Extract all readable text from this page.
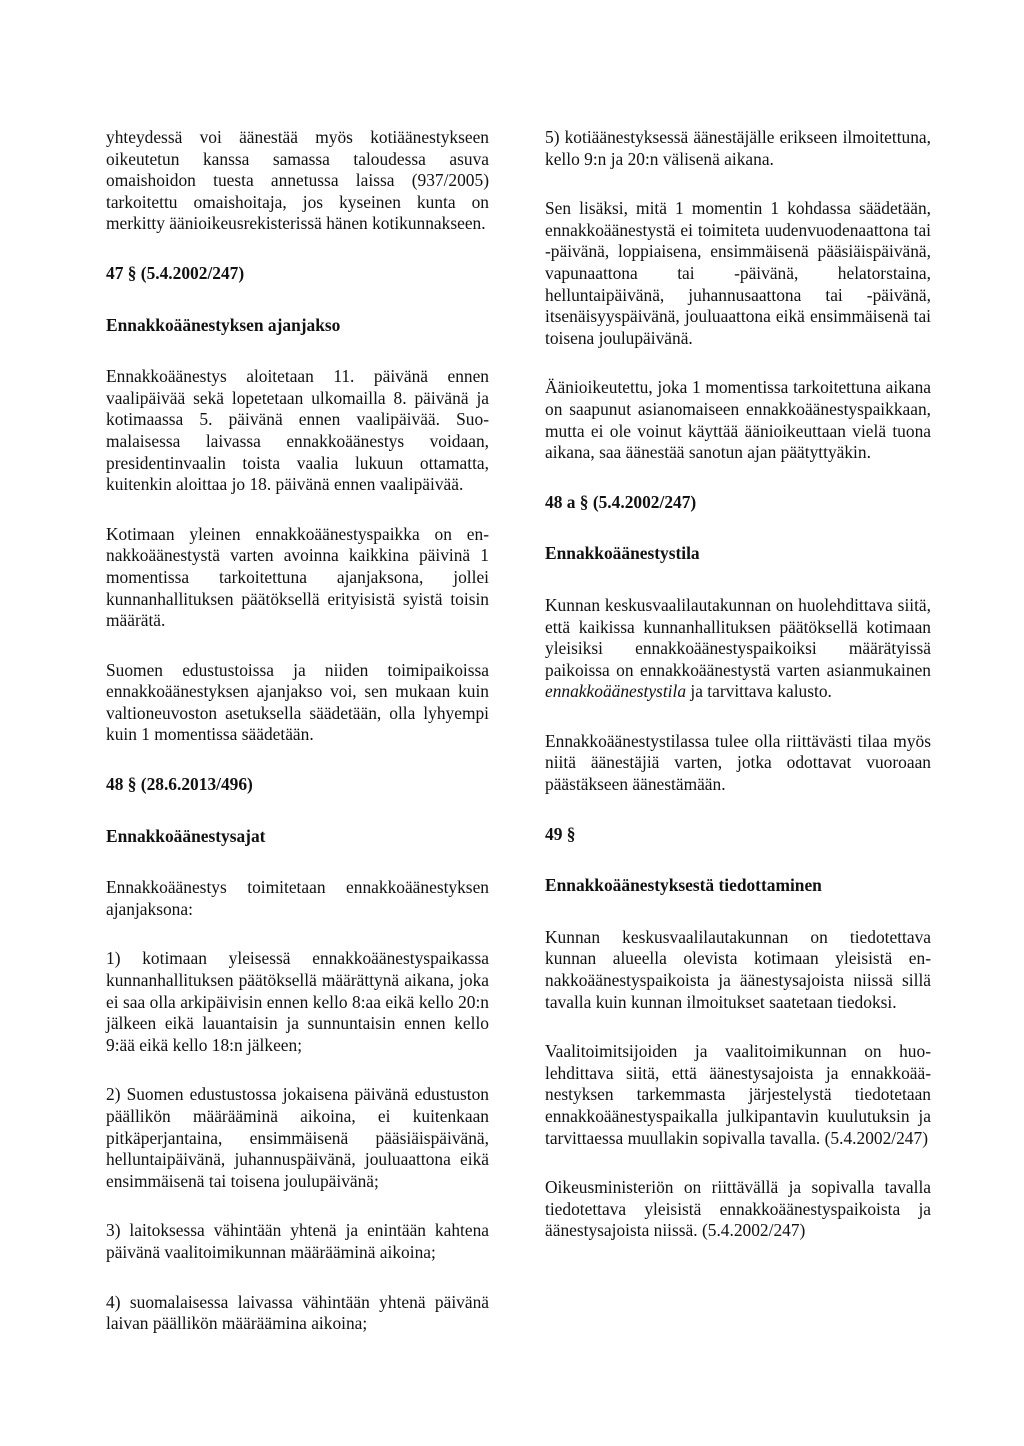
yhteydessä voi äänestää myös kotiäänestykseen oikeutetun kanssa samassa taloudessa asuva omaishoidon tuesta annetussa laissa (937/2005) tarkoitettu omaishoitaja, jos kyseinen kunta on merkitty äänioikeusrekisterissä hänen kotikunnakseen.

47 § (5.4.2002/247)
Ennakkoäänestyksen ajanjakso

Ennakkoäänestys aloitetaan 11. päivänä ennen vaalipäivää sekä lopetetaan ulkomailla 8. päivänä ja kotimaassa 5. päivänä ennen vaalipäivää. Suomalaisessa laivassa ennakkoäänestys voidaan, presidentinvaalin toista vaalia lukuun ottamatta, kuitenkin aloittaa jo 18. päivänä ennen vaalipäivää.

Kotimaan yleinen ennakkoäänestyspaikka on ennakkoäänestystä varten avoinna kaikkina päivinä 1 momentissa tarkoitettuna ajanjaksona, jollei kunnanhallituksen päätöksellä erityisistä syistä toisin määrätä.

Suomen edustustoissa ja niiden toimipaikoissa ennakkoäänestyksen ajanjakso voi, sen mukaan kuin valtioneuvoston asetuksella säädetään, olla lyhyempi kuin 1 momentissa säädetään.

48 § (28.6.2013/496)
Ennakkoäänestysajat

Ennakkoäänestys toimitetaan ennakkoäänestyksen ajanjaksona:

1) kotimaan yleisessä ennakkoäänestyspaikassa kunnanhallituksen päätöksellä määrättynä aikana, joka ei saa olla arkipäivisin ennen kello 8:aa eikä kello 20:n jälkeen eikä lauantaisin ja sunnuntaisin ennen kello 9:ää eikä kello 18:n jälkeen;

2) Suomen edustustossa jokaisena päivänä edustuston päällikön määrääminä aikoina, ei kuitenkaan pitkäperjantaina, ensimmäisenä pääsiäispäivänä, helluntaipäivänä, juhannuspäivänä, jouluaattona eikä ensimmäisenä tai toisena joulupäivänä;

3) laitoksessa vähintään yhtenä ja enintään kahtena päivänä vaalitoimikunnan määrääminä aikoina;

4) suomalaisessa laivassa vähintään yhtenä päivänä laivan päällikön määräämina aikoina;

5) kotiäänestyksessä äänestäjälle erikseen ilmoitettuna, kello 9:n ja 20:n välisenä aikana.

Sen lisäksi, mitä 1 momentin 1 kohdassa säädetään, ennakkoäänestystä ei toimiteta uudenvuodenaattona tai -päivänä, loppiaisena, ensimmäisenä pääsiäispäivänä, vapunaattona tai -päivänä, helatorstaina, helluntaipäivänä, juhannusaattona tai -päivänä, itsenäisyyspäivänä, jouluaattona eikä ensimmäisenä tai toisena joulupäivänä.

Äänioikeutettu, joka 1 momentissa tarkoitettuna aikana on saapunut asianomaiseen ennakkoäänestyspaikkaan, mutta ei ole voinut käyttää äänioikeuttaan vielä tuona aikana, saa äänestää sanotun ajan päätyttyäkin.

48 a § (5.4.2002/247)
Ennakkoäänestystila

Kunnan keskusvaalilautakunnan on huolehdittava siitä, että kaikissa kunnanhallituksen päätöksellä kotimaan yleisiksi ennakkoäänestyspaikoiksi määrätyissä paikoissa on ennakkoäänestystä varten asianmukainen ennakkoäänestystila ja tarvittava kalusto.

Ennakkoäänestystilassa tulee olla riittävästi tilaa myös niitä äänestäjiä varten, jotka odottavat vuoroaan päästäkseen äänestämään.

49 §
Ennakkoäänestyksestä tiedottaminen

Kunnan keskusvaalilautakunnan on tiedotettava kunnan alueella olevista kotimaan yleisistä ennakkoäänestyspaikoista ja äänestysajoista niissä sillä tavalla kuin kunnan ilmoitukset saatetaan tiedoksi.

Vaalitoimitsijoiden ja vaalitoimikunnan on huolehdittava siitä, että äänestysajoista ja ennakkoäänestyksen tarkemmasta järjestelystä tiedotetaan ennakkoäänestyspaikalla julkipantavin kuulutuksin ja tarvittaessa muullakin sopivalla tavalla. (5.4.2002/247)

Oikeusministeriön on riittävällä ja sopivalla tavalla tiedotettava yleisistä ennakkoäänestyspaikoista ja äänestysajoista niissä. (5.4.2002/247)
